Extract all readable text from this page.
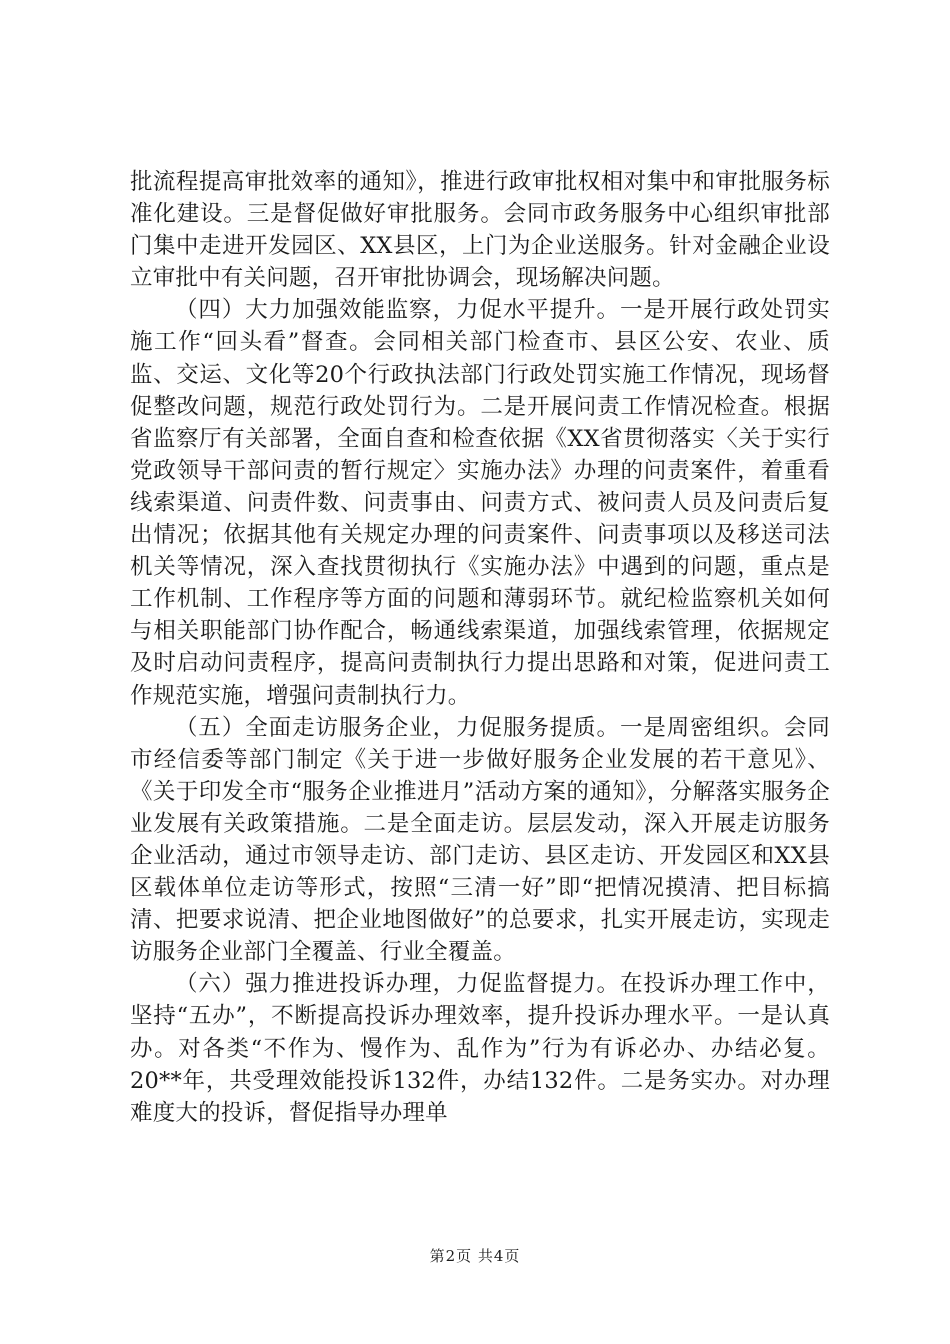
批流程提高审批效率的通知》，推进行政审批权相对集中和审批服务标准化建设。三是督促做好审批服务。会同市政务服务中心组织审批部门集中走进开发园区、XX县区，上门为企业送服务。针对金融企业设立审批中有关问题，召开审批协调会，现场解决问题。

（四）大力加强效能监察，力促水平提升。一是开展行政处罚实施工作“回头看”督查。会同相关部门检查市、县区公安、农业、质监、交运、文化等20个行政执法部门行政处罚实施工作情况，现场督促整改问题，规范行政处罚行为。二是开展问责工作情况检查。根据省监察厅有关部署，全面自查和检查依据《XX省贯彻落实〈关于实行党政领导干部问责的暂行规定〉实施办法》办理的问责案件，着重看线索渠道、问责件数、问责事由、问责方式、被问责人员及问责后复出情况；依据其他有关规定办理的问责案件、问责事项以及移送司法机关等情况，深入查找贯彻执行《实施办法》中遇到的问题，重点是工作机制、工作程序等方面的问题和薄弱环节。就纪检监察机关如何与相关职能部门协作配合，畅通线索渠道，加强线索管理，依据规定及时启动问责程序，提高问责制执行力提出思路和对策，促进问责工作规范实施，增强问责制执行力。

（五）全面走访服务企业，力促服务提质。一是周密组织。会同市经信委等部门制定《关于进一步做好服务企业发展的若干意见》、《关于印发全市“服务企业推进月”活动方案的通知》，分解落实服务企业发展有关政策措施。二是全面走访。层层发动，深入开展走访服务企业活动，通过市领导走访、部门走访、县区走访、开发园区和XX县区载体单位走访等形式，按照“三清一好”即“把情况摸清、把目标搞清、把要求说清、把企业地图做好”的总要求，扎实开展走访，实现走访服务企业部门全覆盖、行业全覆盖。

（六）强力推进投诉办理，力促监督提力。在投诉办理工作中，坚持“五办”，不断提高投诉办理效率，提升投诉办理水平。一是认真办。对各类“不作为、慢作为、乱作为”行为有诉必办、办结必复。20**年，共受理效能投诉132件，办结132件。二是务实办。对办理难度大的投诉，督促指导办理单

第2页 共4页
